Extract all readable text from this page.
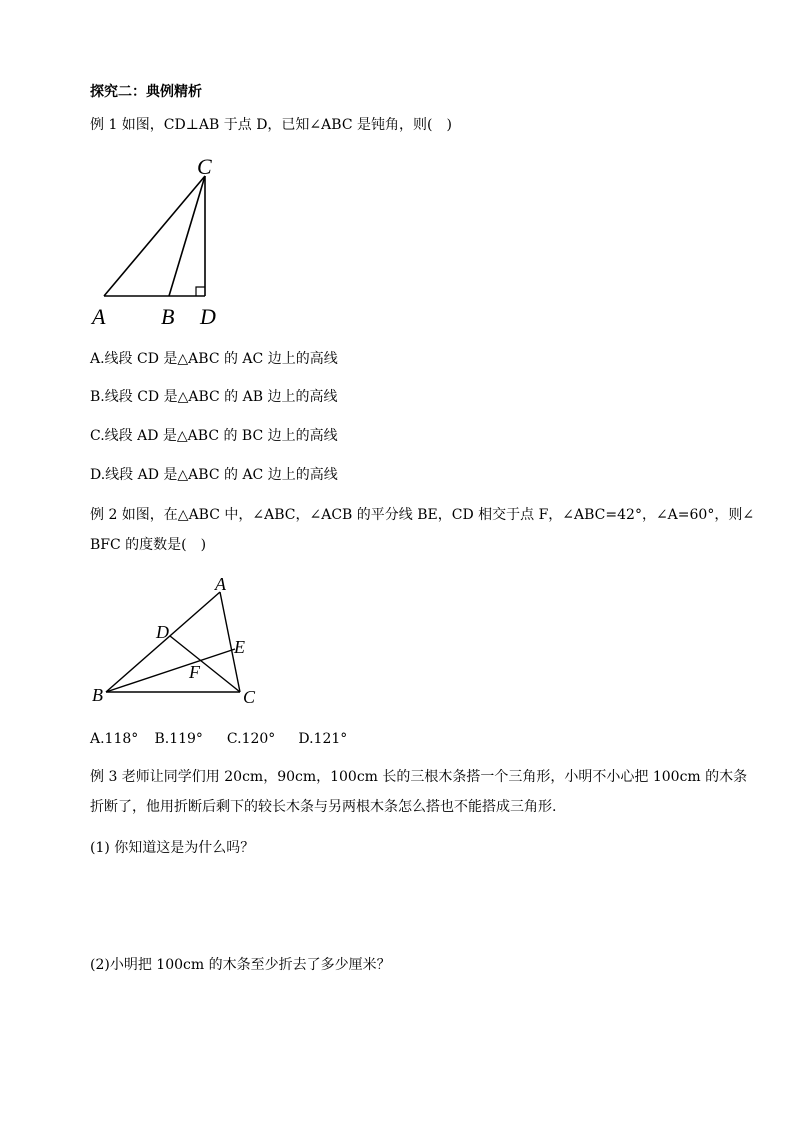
探究二：典例精析
例 1 如图，CD⊥AB 于点 D，已知∠ABC 是钝角，则(　)
C
A	B D
A.线段 CD 是△ABC 的 AC 边上的高线
B.线段 CD 是△ABC 的 AB 边上的高线
C.线段 AD 是△ABC 的 BC 边上的高线
D.线段 AD 是△ABC 的 AC 边上的高线
例 2 如图，在△ABC 中，∠ABC，∠ACB 的平分线 BE，CD 相交于点 F，∠ABC=42°，∠A=60°，则∠
BFC 的度数是(　)
A
D
E
F
B	C
A.118° B.119° C.120° D.121°
例 3 老师让同学们用 20cm，90cm，100cm 长的三根木条搭一个三角形，小明不小心把 100cm 的木条
折断了，他用折断后剩下的较长木条与另两根木条怎么搭也不能搭成三角形.
(1) 你知道这是为什么吗？
(2)小明把 100cm 的木条至少折去了多少厘米？
